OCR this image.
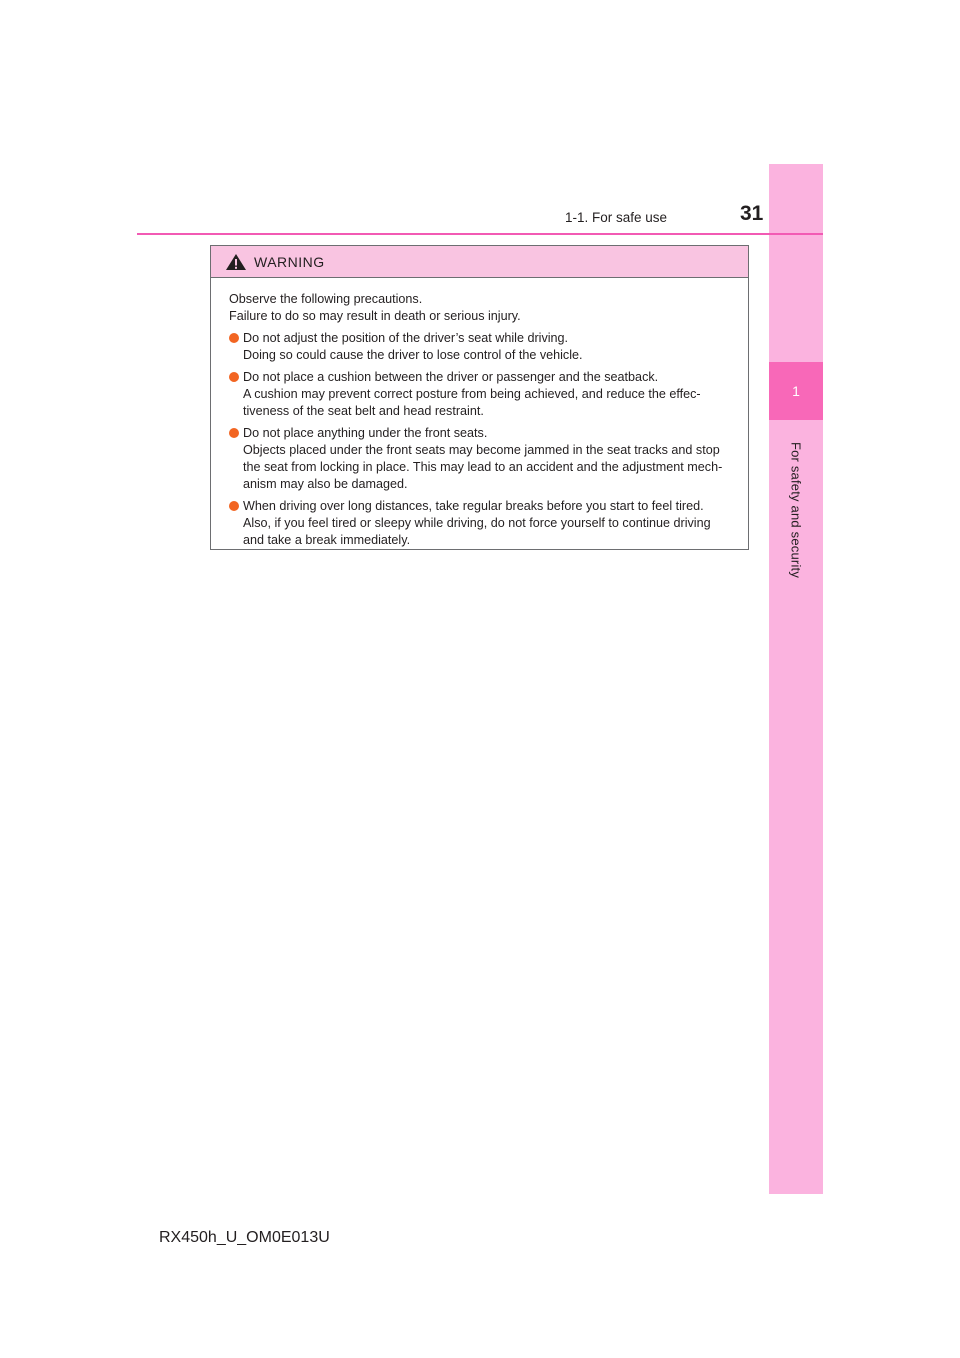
1
For safety and security
1-1. For safe use	31
WARNING
Observe the following precautions.
Failure to do so may result in death or serious injury.
Do not adjust the position of the driver’s seat while driving.
Doing so could cause the driver to lose control of the vehicle.
Do not place a cushion between the driver or passenger and the seatback.
A cushion may prevent correct posture from being achieved, and reduce the effec-
tiveness of the seat belt and head restraint.
Do not place anything under the front seats.
Objects placed under the front seats may become jammed in the seat tracks and stop
the seat from locking in place. This may lead to an accident and the adjustment mech-
anism may also be damaged.
When driving over long distances, take regular breaks before you start to feel tired.
Also, if you feel tired or sleepy while driving, do not force yourself to continue driving
and take a break immediately.
RX450h_U_OM0E013U
